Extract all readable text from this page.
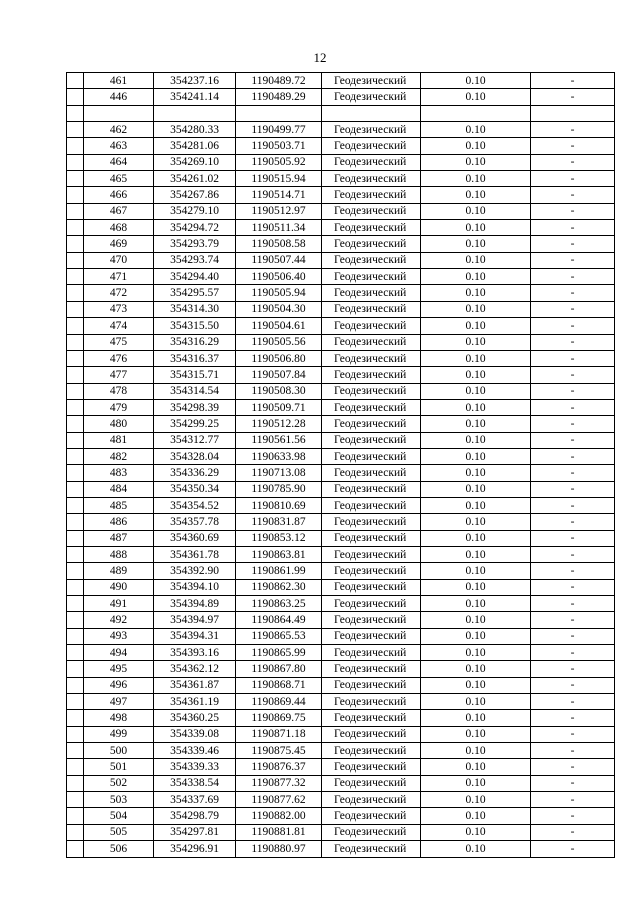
12
	461	354237.16	1190489.72	Геодезический	0.10	-
	446	354241.14	1190489.29	Геодезический	0.10	-

	462	354280.33	1190499.77	Геодезический	0.10	-
	463	354281.06	1190503.71	Геодезический	0.10	-
	464	354269.10	1190505.92	Геодезический	0.10	-
	465	354261.02	1190515.94	Геодезический	0.10	-
	466	354267.86	1190514.71	Геодезический	0.10	-
	467	354279.10	1190512.97	Геодезический	0.10	-
	468	354294.72	1190511.34	Геодезический	0.10	-
	469	354293.79	1190508.58	Геодезический	0.10	-
	470	354293.74	1190507.44	Геодезический	0.10	-
	471	354294.40	1190506.40	Геодезический	0.10	-
	472	354295.57	1190505.94	Геодезический	0.10	-
	473	354314.30	1190504.30	Геодезический	0.10	-
	474	354315.50	1190504.61	Геодезический	0.10	-
	475	354316.29	1190505.56	Геодезический	0.10	-
	476	354316.37	1190506.80	Геодезический	0.10	-
	477	354315.71	1190507.84	Геодезический	0.10	-
	478	354314.54	1190508.30	Геодезический	0.10	-
	479	354298.39	1190509.71	Геодезический	0.10	-
	480	354299.25	1190512.28	Геодезический	0.10	-
	481	354312.77	1190561.56	Геодезический	0.10	-
	482	354328.04	1190633.98	Геодезический	0.10	-
	483	354336.29	1190713.08	Геодезический	0.10	-
	484	354350.34	1190785.90	Геодезический	0.10	-
	485	354354.52	1190810.69	Геодезический	0.10	-
	486	354357.78	1190831.87	Геодезический	0.10	-
	487	354360.69	1190853.12	Геодезический	0.10	-
	488	354361.78	1190863.81	Геодезический	0.10	-
	489	354392.90	1190861.99	Геодезический	0.10	-
	490	354394.10	1190862.30	Геодезический	0.10	-
	491	354394.89	1190863.25	Геодезический	0.10	-
	492	354394.97	1190864.49	Геодезический	0.10	-
	493	354394.31	1190865.53	Геодезический	0.10	-
	494	354393.16	1190865.99	Геодезический	0.10	-
	495	354362.12	1190867.80	Геодезический	0.10	-
	496	354361.87	1190868.71	Геодезический	0.10	-
	497	354361.19	1190869.44	Геодезический	0.10	-
	498	354360.25	1190869.75	Геодезический	0.10	-
	499	354339.08	1190871.18	Геодезический	0.10	-
	500	354339.46	1190875.45	Геодезический	0.10	-
	501	354339.33	1190876.37	Геодезический	0.10	-
	502	354338.54	1190877.32	Геодезический	0.10	-
	503	354337.69	1190877.62	Геодезический	0.10	-
	504	354298.79	1190882.00	Геодезический	0.10	-
	505	354297.81	1190881.81	Геодезический	0.10	-
	506	354296.91	1190880.97	Геодезический	0.10	-
